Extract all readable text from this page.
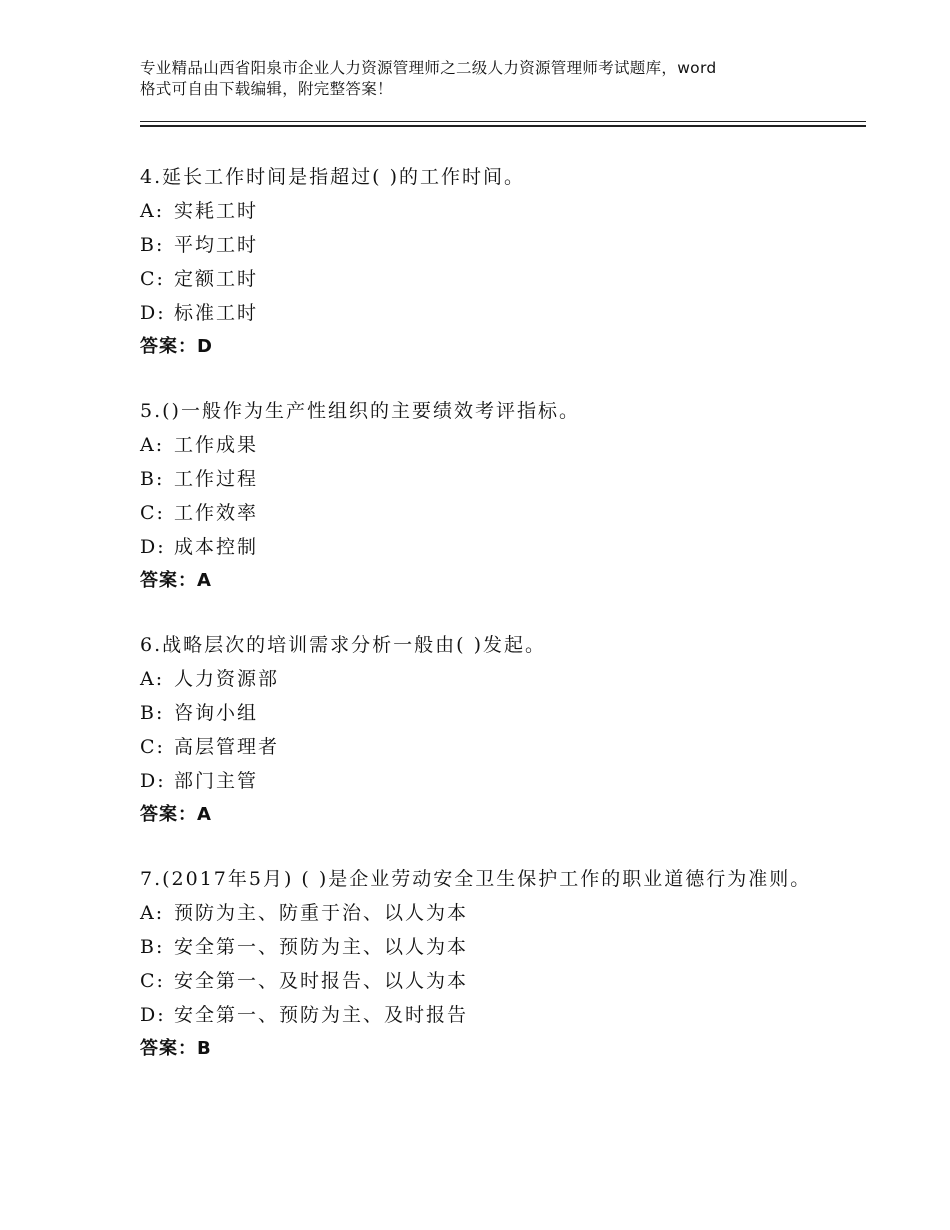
专业精品山西省阳泉市企业人力资源管理师之二级人力资源管理师考试题库，word
格式可自由下载编辑，附完整答案！

4.延长工作时间是指超过( )的工作时间。

A: 实耗工时

B: 平均工时

C: 定额工时

D: 标准工时

答案：D

5.()一般作为生产性组织的主要绩效考评指标。

A: 工作成果

B: 工作过程

C: 工作效率

D: 成本控制

答案：A

6.战略层次的培训需求分析一般由( )发起。

A: 人力资源部

B: 咨询小组

C: 高层管理者

D: 部门主管

答案：A

7.(2017年5月) ( )是企业劳动安全卫生保护工作的职业道德行为准则。

A: 预防为主、防重于治、以人为本

B: 安全第一、预防为主、以人为本

C: 安全第一、及时报告、以人为本

D: 安全第一、预防为主、及时报告

答案：B
